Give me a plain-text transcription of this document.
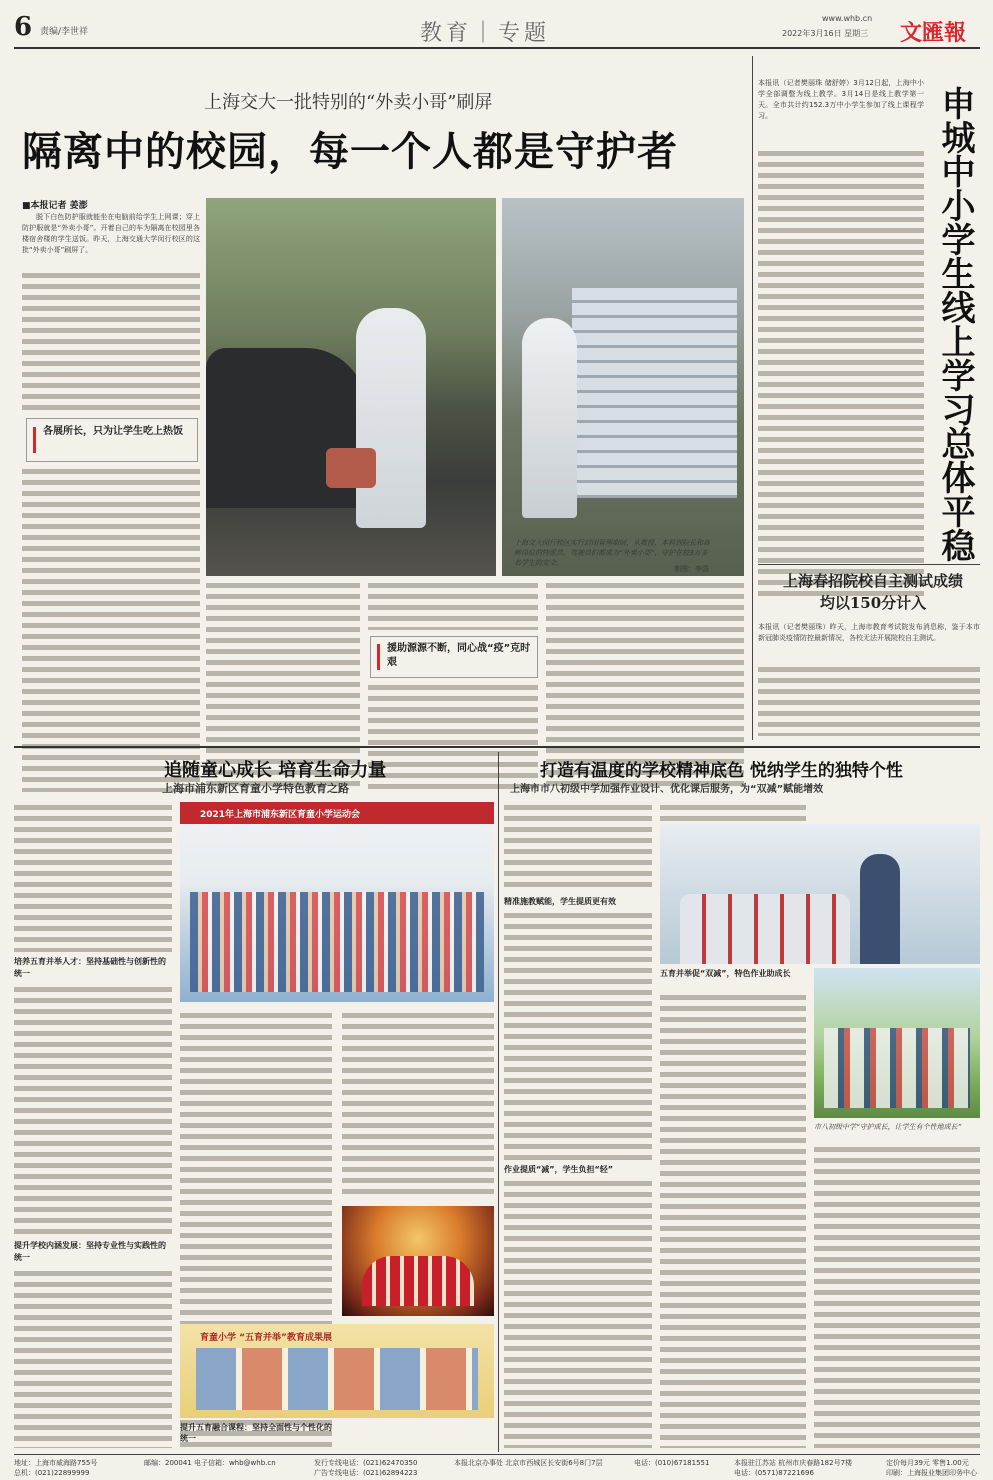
6 责编/李世祥	教育｜专题
www.whb.cn
2022年3月16日 星期三 文匯報
上海交大一批特别的“外卖小哥”刷屏
隔离中的校园，每一个人都是守护者
■本报记者 姜澎
脱下白色防护服就能坐在电脑前给学生上网课；穿上防护服就是“外卖小哥”。开着自己的车为隔离在校园里各楼宿舍楼的学生送饭。昨天，上海交通大学闵行校区的这批“外卖小哥”刷屏了。
各展所长，只为让学生吃上热饭
上海交大闵行校区实行封闭管理期间，从教授、本科到院长和各种岗位的特派员、驾驶员们都成为“外卖小哥”，守护在校3万多名学生的安全。
制图：李浩
援助源源不断，同心战“疫”克时艰
本报讯（记者樊丽珠 储舒婷）3月12日起，上海中小学全部调整为线上教学。3月14日是线上教学第一天。全市共计约152.3万中小学生参加了线上课程学习。	申城中小学生线上学习总体平稳
上海春招院校自主测试成绩均以150分计入
本报讯（记者樊丽珠）昨天，上海市教育考试院发布消息称，鉴于本市新冠肺炎疫情防控最新情况，各校无法开展院校自主测试。
追随童心成长 培育生命力量
上海市浦东新区育童小学特色教育之路
培养五育并举人才：坚持基础性与创新性的统一
提升学校内涵发展：坚持专业性与实践性的统一
2021年上海市浦东新区育童小学运动会
育童小学 “五育并举”教育成果展
提升五育融合课程：坚持全面性与个性化的统一
打造有温度的学校精神底色 悦纳学生的独特个性
上海市市八初级中学加强作业设计、优化课后服务，为“双减”赋能增效
精准施教赋能，学生提质更有效
作业提质“减”，学生负担“轻”
五育并举促“双减”，特色作业助成长
市八初级中学“守护成长，让学生有个性地成长”
地址：上海市威海路755号
总机：(021)22899999
邮编：200041 电子信箱：whb@whb.cn	发行专线电话：(021)62470350
广告专线电话：(021)62894223
本报北京办事处 北京市西城区长安街6号8门7层	电话：(010)67181551	本报驻江苏站 杭州市庆春路182号7楼
电话：(0571)87221696
定价每月39元 零售1.00元
印刷：上海报业集团印务中心
